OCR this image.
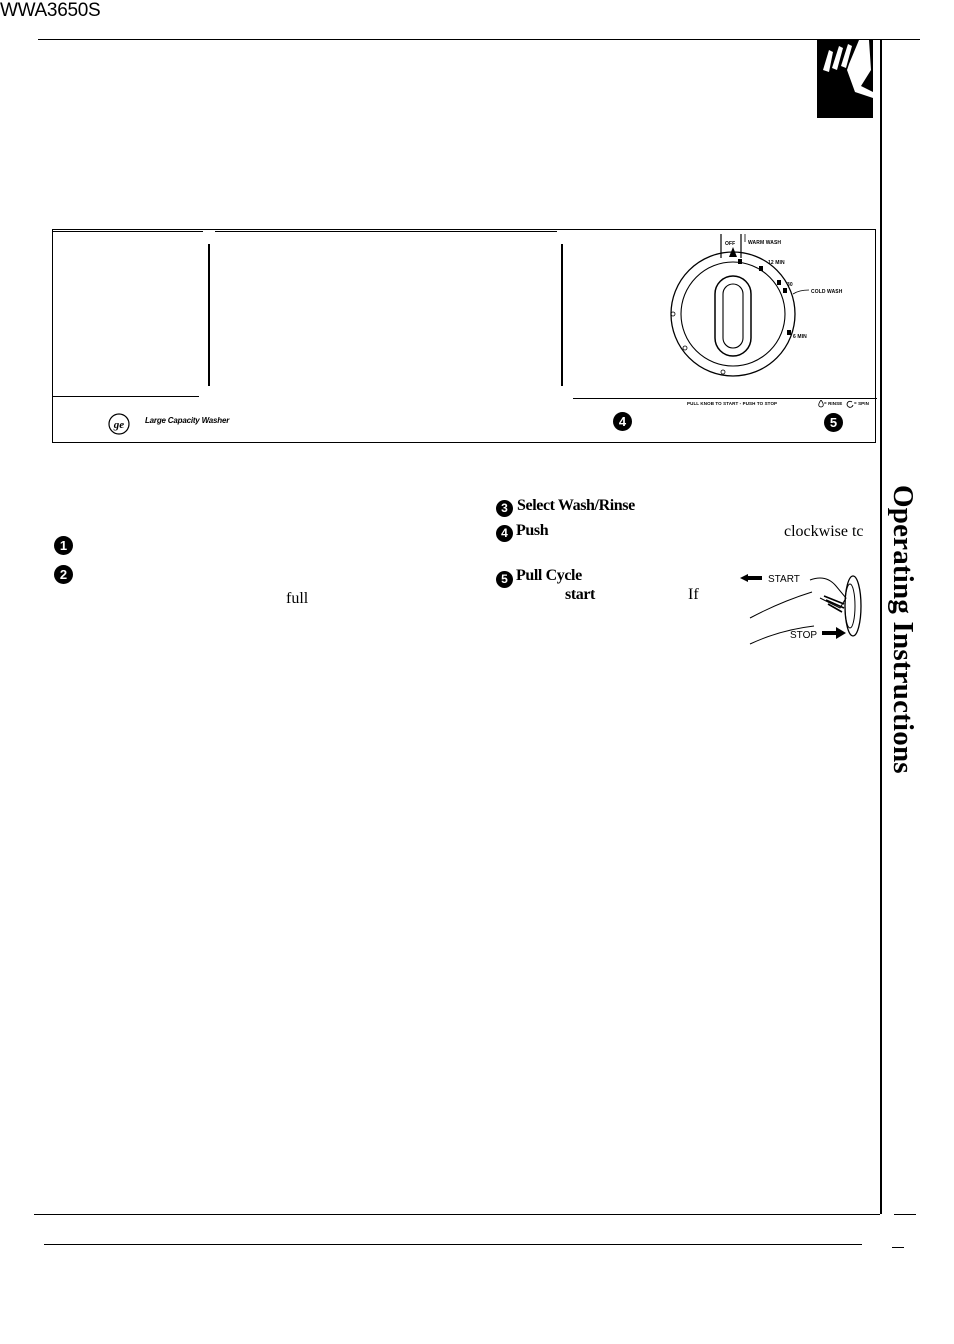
WWA3650S
ge	Large Capacity Washer
OFF	WARM WASH
12 MIN
30
COLD WASH
6 MIN
PULL KNOB TO START - PUSH TO STOP	= RINSE	= SPIN
4	5
1
2
full
3 Select Wash/Rinse
4 Push	clockwise tc
5 Pull Cycle
start	If
START
STOP Operating Instructions
